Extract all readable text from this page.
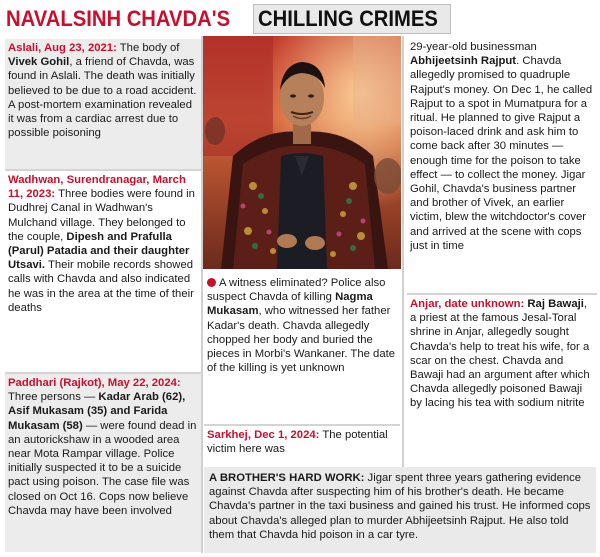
NAVALSINH CHAVDA'S CHILLING CRIMES
Aslali, Aug 23, 2021: The body of Vivek Gohil, a friend of Chavda, was found in Aslali. The death was initially believed to be due to a road accident. A post-mortem examination revealed it was from a cardiac arrest due to possible poisoning
Wadhwan, Surendranagar, March 11, 2023: Three bodies were found in Dudhrej Canal in Wadhwan's Mulchand village. They belonged to the couple, Dipesh and Prafulla (Parul) Patadia and their daughter Utsavi. Their mobile records showed calls with Chavda and also indicated he was in the area at the time of their deaths
Paddhari (Rajkot), May 22, 2024: Three persons — Kadar Arab (62), Asif Mukasam (35) and Farida Mukasam (58) — were found dead in an autorickshaw in a wooded area near Mota Rampar village. Police initially suspected it to be a suicide pact using poison. The case file was closed on Oct 16. Cops now believe Chavda may have been involved
A witness eliminated? Police also suspect Chavda of killing Nagma Mukasam, who witnessed her father Kadar's death. Chavda allegedly chopped her body and buried the pieces in Morbi's Wankaner. The date of the killing is yet unknown
Sarkhej, Dec 1, 2024: The potential victim here was
29-year-old businessman Abhijeetsinh Rajput. Chavda allegedly promised to quadruple Rajput's money. On Dec 1, he called Rajput to a spot in Mumatpura for a ritual. He planned to give Rajput a poison-laced drink and ask him to come back after 30 minutes — enough time for the poison to take effect — to collect the money. Jigar Gohil, Chavda's business partner and brother of Vivek, an earlier victim, blew the witchdoctor's cover and arrived at the scene with cops just in time
Anjar, date unknown: Raj Bawaji, a priest at the famous Jesal-Toral shrine in Anjar, allegedly sought Chavda's help to treat his wife, for a scar on the chest. Chavda and Bawaji had an argument after which Chavda allegedly poisoned Bawaji by lacing his tea with sodium nitrite
A BROTHER'S HARD WORK: Jigar spent three years gathering evidence against Chavda after suspecting him of his brother's death. He became Chavda's partner in the taxi business and gained his trust. He informed cops about Chavda's alleged plan to murder Abhijeetsinh Rajput. He also told them that Chavda hid poison in a car tyre.
